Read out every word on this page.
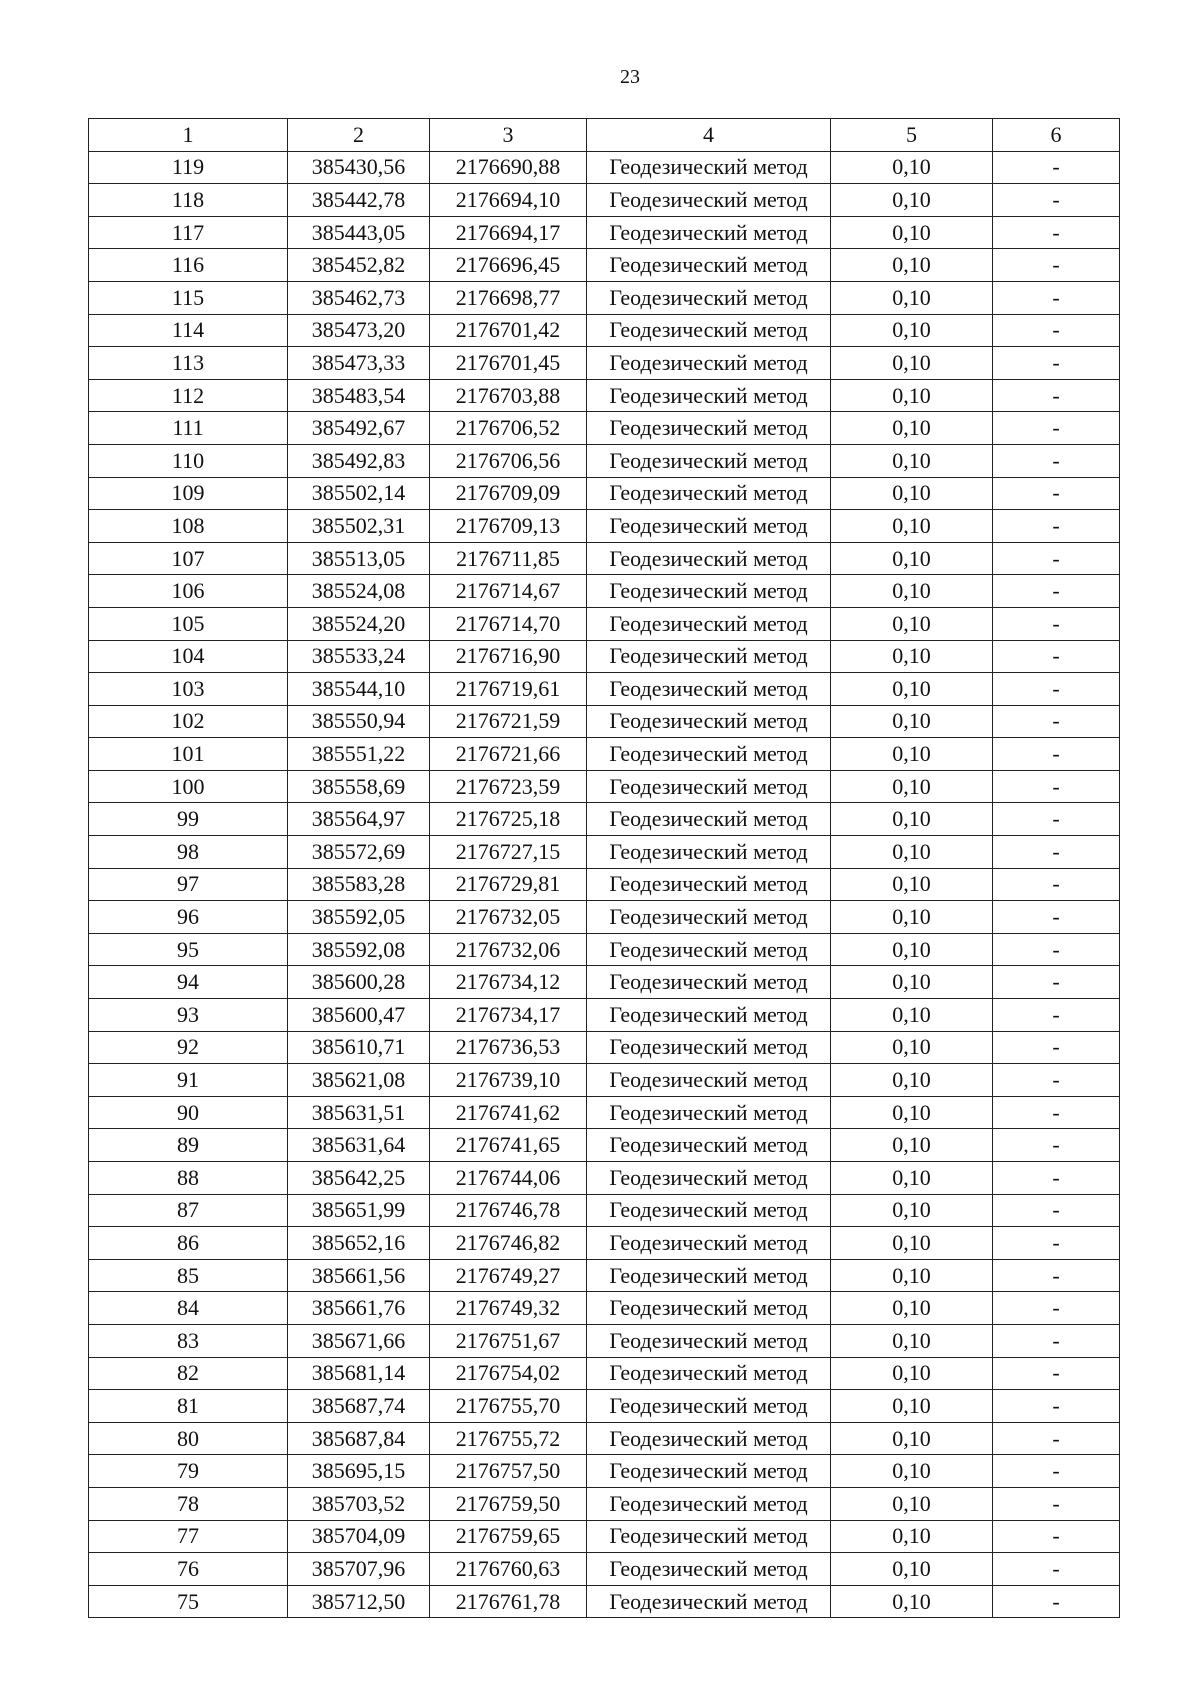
23
1	2	3	4	5	6
119	385430,56	2176690,88	Геодезический метод	0,10	-
118	385442,78	2176694,10	Геодезический метод	0,10	-
117	385443,05	2176694,17	Геодезический метод	0,10	-
116	385452,82	2176696,45	Геодезический метод	0,10	-
115	385462,73	2176698,77	Геодезический метод	0,10	-
114	385473,20	2176701,42	Геодезический метод	0,10	-
113	385473,33	2176701,45	Геодезический метод	0,10	-
112	385483,54	2176703,88	Геодезический метод	0,10	-
111	385492,67	2176706,52	Геодезический метод	0,10	-
110	385492,83	2176706,56	Геодезический метод	0,10	-
109	385502,14	2176709,09	Геодезический метод	0,10	-
108	385502,31	2176709,13	Геодезический метод	0,10	-
107	385513,05	2176711,85	Геодезический метод	0,10	-
106	385524,08	2176714,67	Геодезический метод	0,10	-
105	385524,20	2176714,70	Геодезический метод	0,10	-
104	385533,24	2176716,90	Геодезический метод	0,10	-
103	385544,10	2176719,61	Геодезический метод	0,10	-
102	385550,94	2176721,59	Геодезический метод	0,10	-
101	385551,22	2176721,66	Геодезический метод	0,10	-
100	385558,69	2176723,59	Геодезический метод	0,10	-
99	385564,97	2176725,18	Геодезический метод	0,10	-
98	385572,69	2176727,15	Геодезический метод	0,10	-
97	385583,28	2176729,81	Геодезический метод	0,10	-
96	385592,05	2176732,05	Геодезический метод	0,10	-
95	385592,08	2176732,06	Геодезический метод	0,10	-
94	385600,28	2176734,12	Геодезический метод	0,10	-
93	385600,47	2176734,17	Геодезический метод	0,10	-
92	385610,71	2176736,53	Геодезический метод	0,10	-
91	385621,08	2176739,10	Геодезический метод	0,10	-
90	385631,51	2176741,62	Геодезический метод	0,10	-
89	385631,64	2176741,65	Геодезический метод	0,10	-
88	385642,25	2176744,06	Геодезический метод	0,10	-
87	385651,99	2176746,78	Геодезический метод	0,10	-
86	385652,16	2176746,82	Геодезический метод	0,10	-
85	385661,56	2176749,27	Геодезический метод	0,10	-
84	385661,76	2176749,32	Геодезический метод	0,10	-
83	385671,66	2176751,67	Геодезический метод	0,10	-
82	385681,14	2176754,02	Геодезический метод	0,10	-
81	385687,74	2176755,70	Геодезический метод	0,10	-
80	385687,84	2176755,72	Геодезический метод	0,10	-
79	385695,15	2176757,50	Геодезический метод	0,10	-
78	385703,52	2176759,50	Геодезический метод	0,10	-
77	385704,09	2176759,65	Геодезический метод	0,10	-
76	385707,96	2176760,63	Геодезический метод	0,10	-
75	385712,50	2176761,78	Геодезический метод	0,10	-
